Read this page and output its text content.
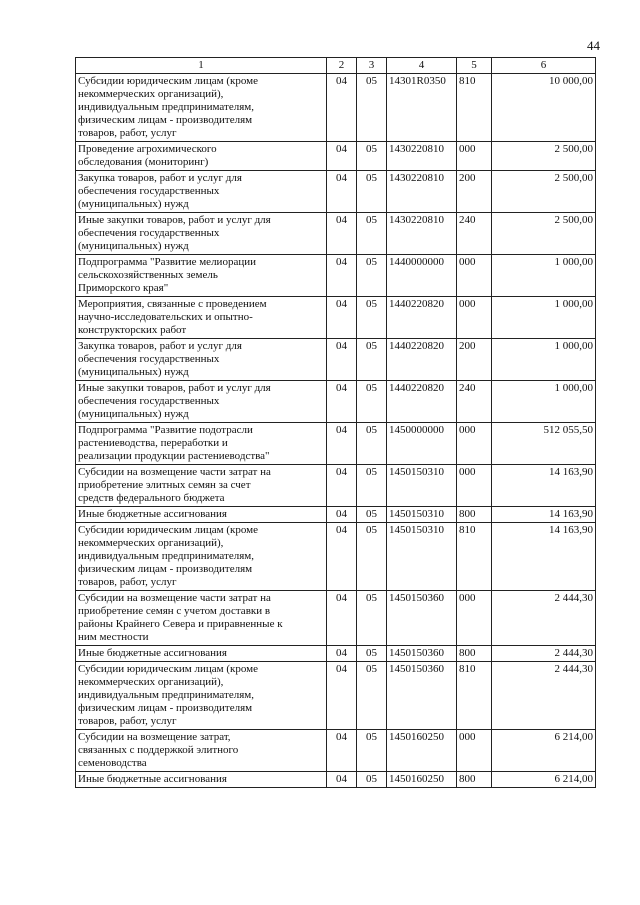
44
1	2	3	4	5	6

Субсидии юридическим лицам (кроме
некоммерческих организаций),
индивидуальным предпринимателям,
физическим лицам - производителям
товаров, работ, услуг	04	05	14301R0350	810	10 000,00

Проведение агрохимического
обследования (мониторинг)	04	05	1430220810	000	2 500,00

Закупка товаров, работ и услуг для
обеспечения государственных
(муниципальных) нужд	04	05	1430220810	200	2 500,00

Иные закупки товаров, работ и услуг для
обеспечения государственных
(муниципальных) нужд	04	05	1430220810	240	2 500,00

Подпрограмма "Развитие мелиорации
сельскохозяйственных земель
Приморского края"	04	05	1440000000	000	1 000,00

Мероприятия, связанные с проведением
научно-исследовательских и опытно-
конструкторских работ	04	05	1440220820	000	1 000,00

Закупка товаров, работ и услуг для
обеспечения государственных
(муниципальных) нужд	04	05	1440220820	200	1 000,00

Иные закупки товаров, работ и услуг для
обеспечения государственных
(муниципальных) нужд	04	05	1440220820	240	1 000,00

Подпрограмма "Развитие подотрасли
растениеводства, переработки и
реализации продукции растениеводства"	04	05	1450000000	000	512 055,50

Субсидии на возмещение части затрат на
приобретение элитных семян за счет
средств федерального бюджета	04	05	1450150310	000	14 163,90

Иные бюджетные ассигнования	04	05	1450150310	800	14 163,90

Субсидии юридическим лицам (кроме
некоммерческих организаций),
индивидуальным предпринимателям,
физическим лицам - производителям
товаров, работ, услуг	04	05	1450150310	810	14 163,90

Субсидии на возмещение части затрат на
приобретение семян с учетом доставки в
районы Крайнего Севера и приравненные к
ним местности	04	05	1450150360	000	2 444,30

Иные бюджетные ассигнования	04	05	1450150360	800	2 444,30

Субсидии юридическим лицам (кроме
некоммерческих организаций),
индивидуальным предпринимателям,
физическим лицам - производителям
товаров, работ, услуг	04	05	1450150360	810	2 444,30

Субсидии на возмещение затрат,
связанных с поддержкой элитного
семеноводства	04	05	1450160250	000	6 214,00

Иные бюджетные ассигнования	04	05	1450160250	800	6 214,00
